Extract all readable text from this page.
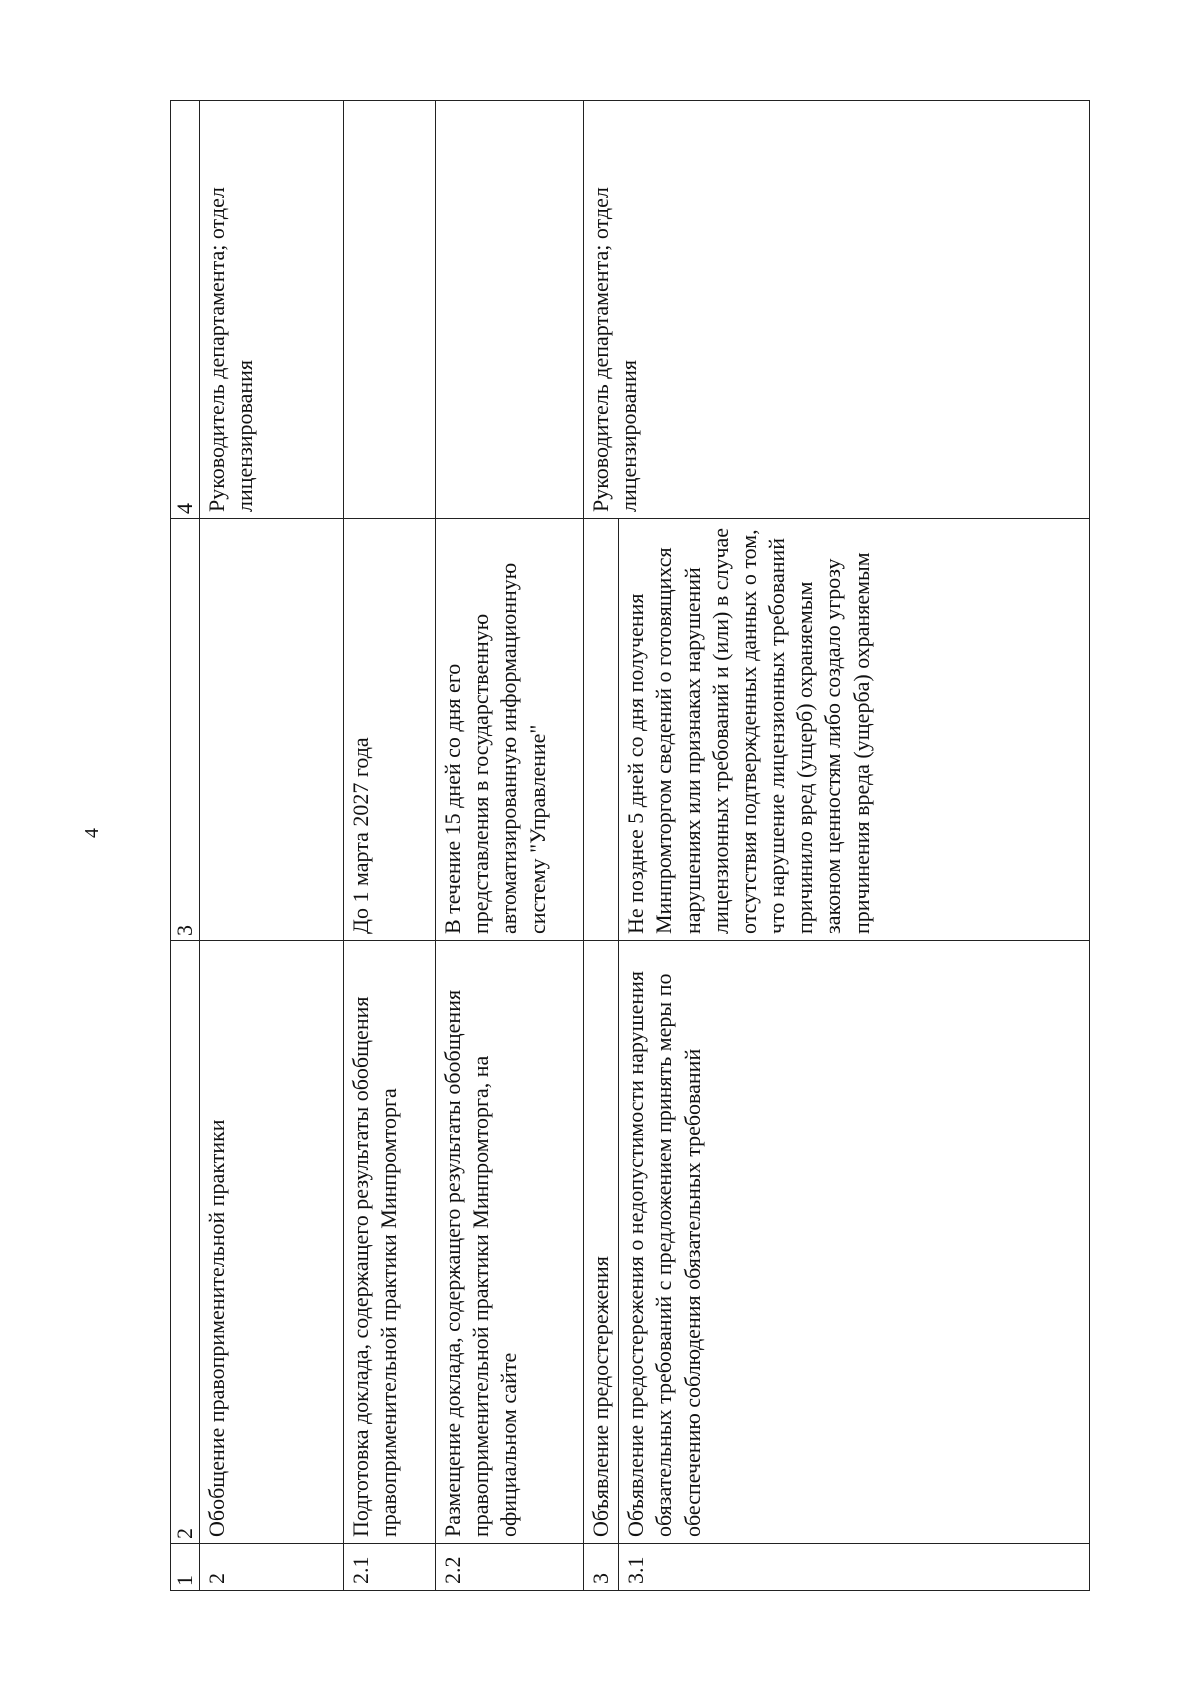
4
1	2	3	4
2	Обобщение правоприменительной практики		Руководитель департамента; отдел лицензирования
2.1	Подготовка доклада, содержащего результаты обобщения правоприменительной практики Минпромторга	До 1 марта 2027 года	
2.2	Размещение доклада, содержащего результаты обобщения правоприменительной практики Минпромторга, на официальном сайте	В течение 15 дней со дня его представления в государственную автоматизированную информационную систему "Управление"	
3	Объявление предостережения		Руководитель департамента; отдел лицензирования
3.1	Объявление предостережения о недопустимости нарушения обязательных требований с предложением принять меры по обеспечению соблюдения обязательных требований	Не позднее 5 дней со дня получения Минпромторгом сведений о готовящихся нарушениях или признаках нарушений лицензионных требований и (или) в случае отсутствия подтвержденных данных о том, что нарушение лицензионных требований причинило вред (ущерб) охраняемым законом ценностям либо создало угрозу причинения вреда (ущерба) охраняемым	
